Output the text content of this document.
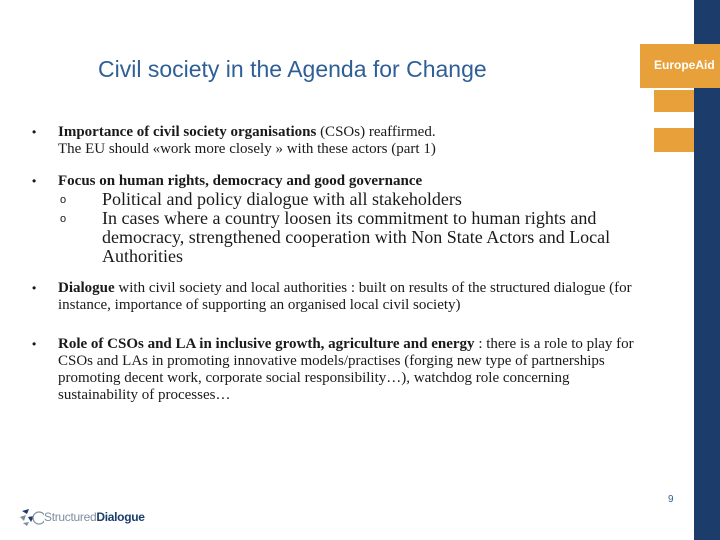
EuropeAid
Civil society in the Agenda for Change
• Importance of civil society organisations (CSOs) reaffirmed.
The EU should «work more closely » with these actors (part 1)
• Focus on human rights, democracy and good governance
o Political and policy dialogue with all stakeholders
o In cases where a country loosen its commitment to human rights and democracy, strengthened cooperation with Non State Actors and Local Authorities
• Dialogue with civil society and local authorities : built on results of the structured dialogue (for instance, importance of supporting an organised local civil society)
• Role of CSOs and LA in inclusive growth, agriculture and energy : there is a role to play for CSOs and LAs in promoting innovative models/practises (forging new type of partnerships promoting decent work, corporate social responsibility…), watchdog role concerning sustainability of processes…
9
Structured Dialogue
